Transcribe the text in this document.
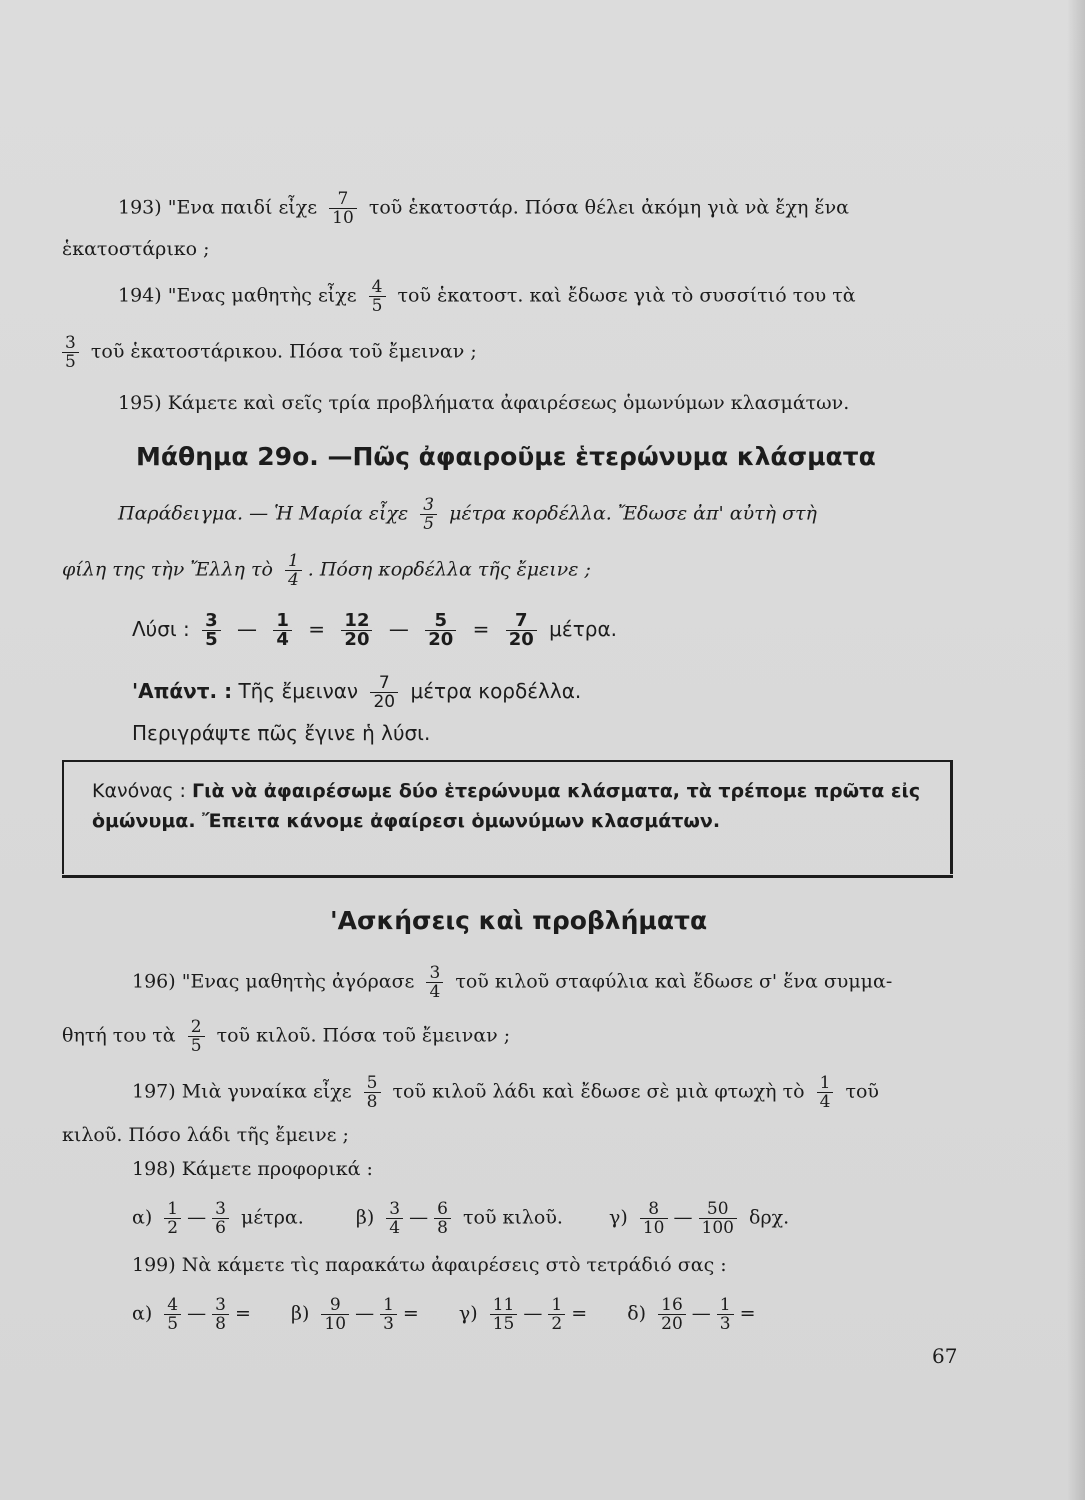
193) "Ενα παιδί εἶχε $\frac{7}{10}$ τοῦ ἑκατοστάρ. Πόσα θέλει ἀκόμη γιὰ νὰ ἔχη ἕνα
ἑκατοστάρικο ;
194) "Ενας μαθητὴς εἶχε $\frac{4}{5}$ τοῦ ἑκατοστ. καὶ ἔδωσε γιὰ τὸ συσσίτιό του τὰ
$\frac{3}{5}$ τοῦ ἑκατοστάρικου. Πόσα τοῦ ἔμειναν ;
195) Κάμετε καὶ σεῖς τρία προβλήματα ἀφαιρέσεως ὁμωνύμων κλασμάτων.
Μάθημα 29ο. —Πῶς ἀφαιροῦμε ἑτερώνυμα κλάσματα
Παράδειγμα. — Ἡ Μαρία εἶχε $\frac{3}{5}$ μέτρα κορδέλλα. Ἔδωσε ἀπ' αὐτὴ στὴ
φίλη της τὴν Ἔλλη τὸ $\frac{1}{4}$ . Πόση κορδέλλα τῆς ἔμεινε ;
Λύσι : $\frac{3}{5}$ — $\frac{1}{4} = \frac{12}{20}$ — $\frac{5}{20} = \frac{7}{20} \mu έ\tau\rho\alpha$.
'Απάντ. : Τῆς ἔμειναν $\frac{7}{20}$ μέτρα κορδέλλα.
Περιγράψτε πῶς ἔγινε ἡ λύσι.
Κανόνας : Γιὰ νὰ ἀφαιρέσωμε δύο ἑτερώνυμα κλάσματα, τὰ τρέπομε πρῶτα εἰς ὁμώνυμα. Ἔπειτα κάνομε ἀφαίρεσι ὁμωνύμων κλασμάτων.
'Ασκήσεις καὶ προβλήματα
196) "Ενας μαθητὴς ἀγόρασε $\frac{3}{4}$ τοῦ κιλοῦ σταφύλια καὶ ἔδωσε σ' ἕνα συμμα-
θητή του τὰ $\frac{2}{5}$ τοῦ κιλοῦ. Πόσα τοῦ ἔμειναν ;
197) Μιὰ γυναίκα εἶχε $\frac{5}{8}$ τοῦ κιλοῦ λάδι καὶ ἔδωσε σὲ μιὰ φτωχὴ τὸ $\frac{1}{4}$ τοῦ
κιλοῦ. Πόσο λάδι τῆς ἔμεινε ;
198) Κάμετε προφορικά :
$\alpha) \frac{1}{2}$ — $\frac{3}{6} \mu έ\tau\rho\alpha$.	$\beta) \frac{3}{4}$ — $\frac{6}{8}$ τοῦ κιλοῦ. $\gamma) \frac{8}{10}$ — $\frac{50}{100} \delta\rho\chi$.
199) Νὰ κάμετε τὶς παρακάτω ἀφαιρέσεις στὸ τετράδιό σας :
$\alpha) \frac{4}{5}$ — $\frac{3}{8} = \beta) \frac{9}{10}$ — $\frac{1}{3} = \gamma) \frac{11}{15}$ — $\frac{1}{2} = \delta) \frac{16}{20}$ — $\frac{1}{3}$ =
67
